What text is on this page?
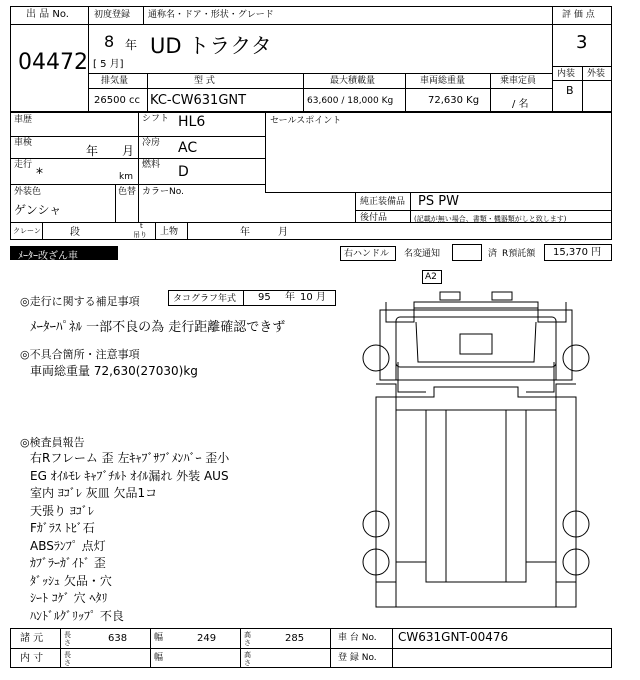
出 品 No.
04472
初度登録 通称名・ドア・形状・グレード
8 年
[ 5 月]
UD トラクタ
評 価 点
3
内装 外装
B
排気量	型 式	最大積載量	車両総重量	乗車定員
26500 cc KC-CW631GNT	63,600 / 18,000 Kg	72,630 Kg	/ 名
車歴
車検
年 月
走行
*	km
外装色
ゲンシャ
色替 カラーNo.
シフト HL6
冷房 AC
燃料 D
セールスポイント
純正装備品 PS PW
後付品	(記載が無い場合、書類・機器類がしと致します)
クレーン	段
t
吊り 上物	年	月
ﾒｰﾀｰ改ざん車	右ハンドル 名変通知	済 R預託額 15,370 円
◎走行に関する補足事項	タコグラフ年式 95 年 10 月
ﾒｰﾀｰﾊﾟﾈﾙ 一部不良の為 走行距離確認できず
◎不具合箇所・注意事項
車両総重量 72,630(27030)kg
◎検査員報告
右Rフレーム 歪 左ｷｬﾌﾞｻﾌﾞﾒﾝﾊﾞｰ 歪小
EG ｵｲﾙﾓﾚ ｷｬﾌﾞﾁﾙﾄ ｵｲﾙ漏れ 外装 AUS
室内 ﾖｺﾞﾚ 灰皿 欠品1コ
天張り ﾖｺﾞﾚ
Fｶﾞﾗｽ ﾄﾋﾞ石
ABSﾗﾝﾌﾟ 点灯
ｶﾌﾞﾗｰｶﾞｲﾄﾞ 歪
ﾀﾞｯｼｭ 欠品・穴
ｼｰﾄ ｺｹﾞ 穴 ﾍﾀﾘ
ﾊﾝﾄﾞﾙｸﾞﾘｯﾌﾟ 不良
A2
諸 元	長さ	638	幅	249	高さ	285	車 台 No. CW631GNT-00476
内 寸	長さ	幅	高さ	登 録 No.
